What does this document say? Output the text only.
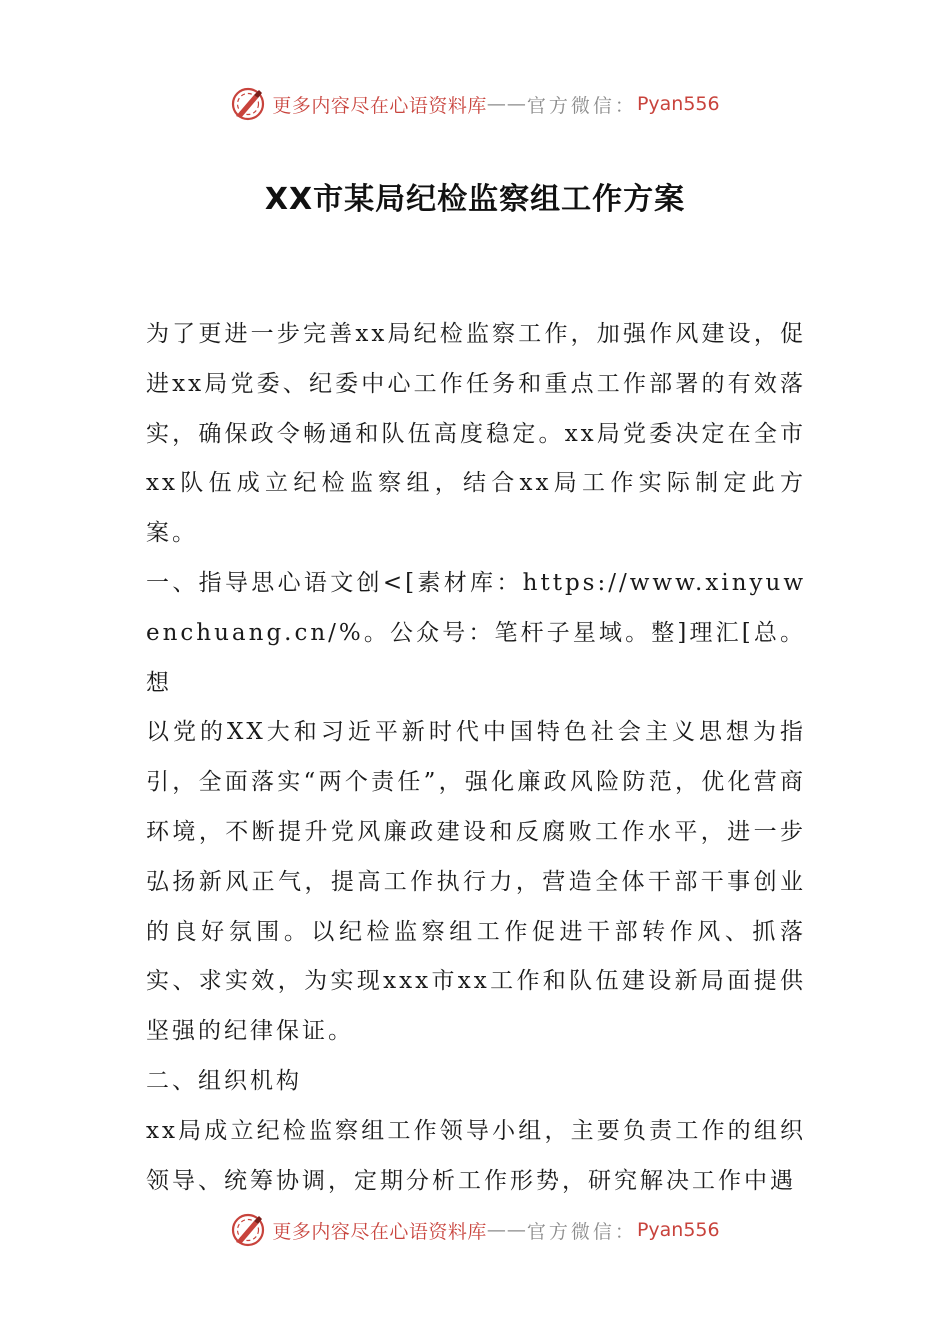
更多内容尽在心语资料库 —— 官方微信： Pyan556
XX市某局纪检监察组工作方案

为了更进一步完善xx局纪检监察工作，加强作风建设，促进xx局党委、纪委中心工作任务和重点工作部署的有效落实，确保政令畅通和队伍高度稳定。xx局党委决定在全市xx队伍成立纪检监察组，结合xx局工作实际制定此方案。

一、指导思心语文创<[素材库：https://www.xinyuwenchuang.cn/%。公众号：笔杆子星域。整]理汇[总。想

以党的XX大和习近平新时代中国特色社会主义思想为指引，全面落实“两个责任”，强化廉政风险防范，优化营商环境，不断提升党风廉政建设和反腐败工作水平，进一步弘扬新风正气，提高工作执行力，营造全体干部干事创业的良好氛围。以纪检监察组工作促进干部转作风、抓落实、求实效，为实现xxx市xx工作和队伍建设新局面提供坚强的纪律保证。

二、组织机构

xx局成立纪检监察组工作领导小组，主要负责工作的组织领导、统筹协调，定期分析工作形势，研究解决工作中遇

更多内容尽在心语资料库 —— 官方微信： Pyan556
